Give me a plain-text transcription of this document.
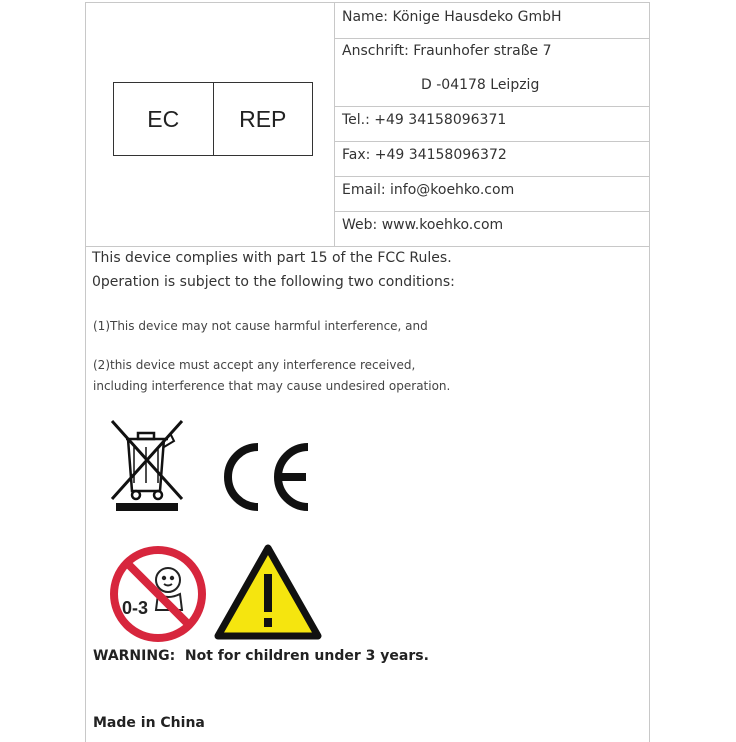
EC	REP
Name: Könige Hausdeko GmbH
Anschrift: Fraunhofer straße 7
D -04178 Leipzig
Tel.: +49 34158096371
Fax: +49 34158096372
Email: info@koehko.com
Web: www.koehko.com
This device complies with part 15 of the FCC Rules.
0peration is subject to the following two conditions:
(1)This device may not cause harmful interference, and
(2)this device must accept any interference received,
including interference that may cause undesired operation.
0-3
WARNING:  Not for children under 3 years.
Made in China
